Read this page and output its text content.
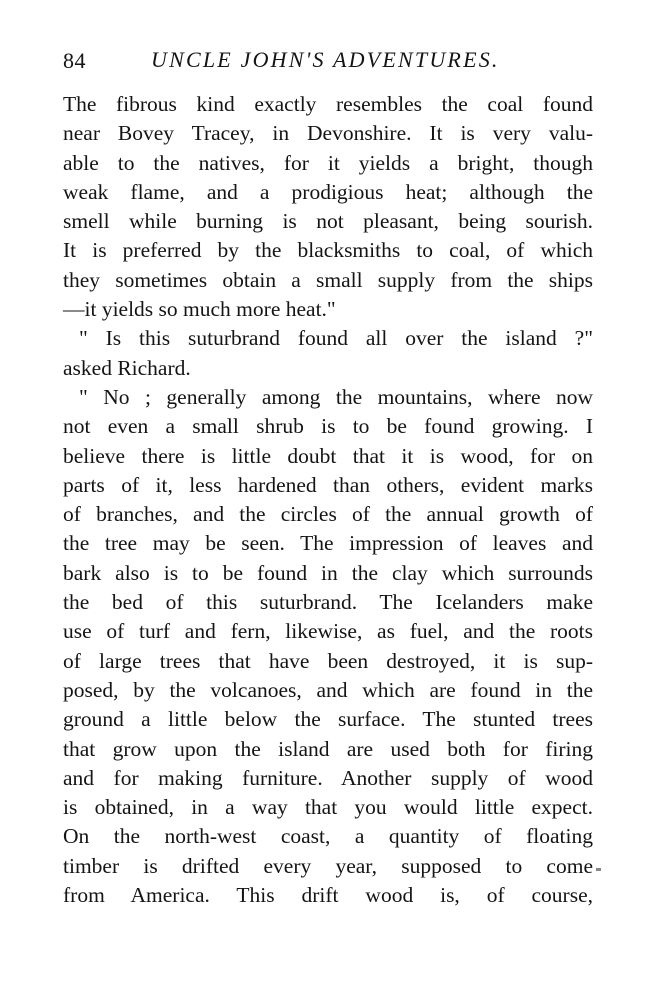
84	UNCLE JOHN'S ADVENTURES.
The fibrous kind exactly resembles the coal found
near Bovey Tracey, in Devonshire. It is very valu-
able to the natives, for it yields a bright, though
weak flame, and a prodigious heat; although the
smell while burning is not pleasant, being sourish.
It is preferred by the blacksmiths to coal, of which
they sometimes obtain a small supply from the ships
—it yields so much more heat."
" Is this suturbrand found all over the island ?"
asked Richard.
" No ; generally among the mountains, where now
not even a small shrub is to be found growing. I
believe there is little doubt that it is wood, for on
parts of it, less hardened than others, evident marks
of branches, and the circles of the annual growth of
the tree may be seen. The impression of leaves and
bark also is to be found in the clay which surrounds
the bed of this suturbrand. The Icelanders make
use of turf and fern, likewise, as fuel, and the roots
of large trees that have been destroyed, it is sup-
posed, by the volcanoes, and which are found in the
ground a little below the surface. The stunted trees
that grow upon the island are used both for firing
and for making furniture. Another supply of wood
is obtained, in a way that you would little expect.
On the north-west coast, a quantity of floating
timber is drifted every year, supposed to come
from America. This drift wood is, of course,
